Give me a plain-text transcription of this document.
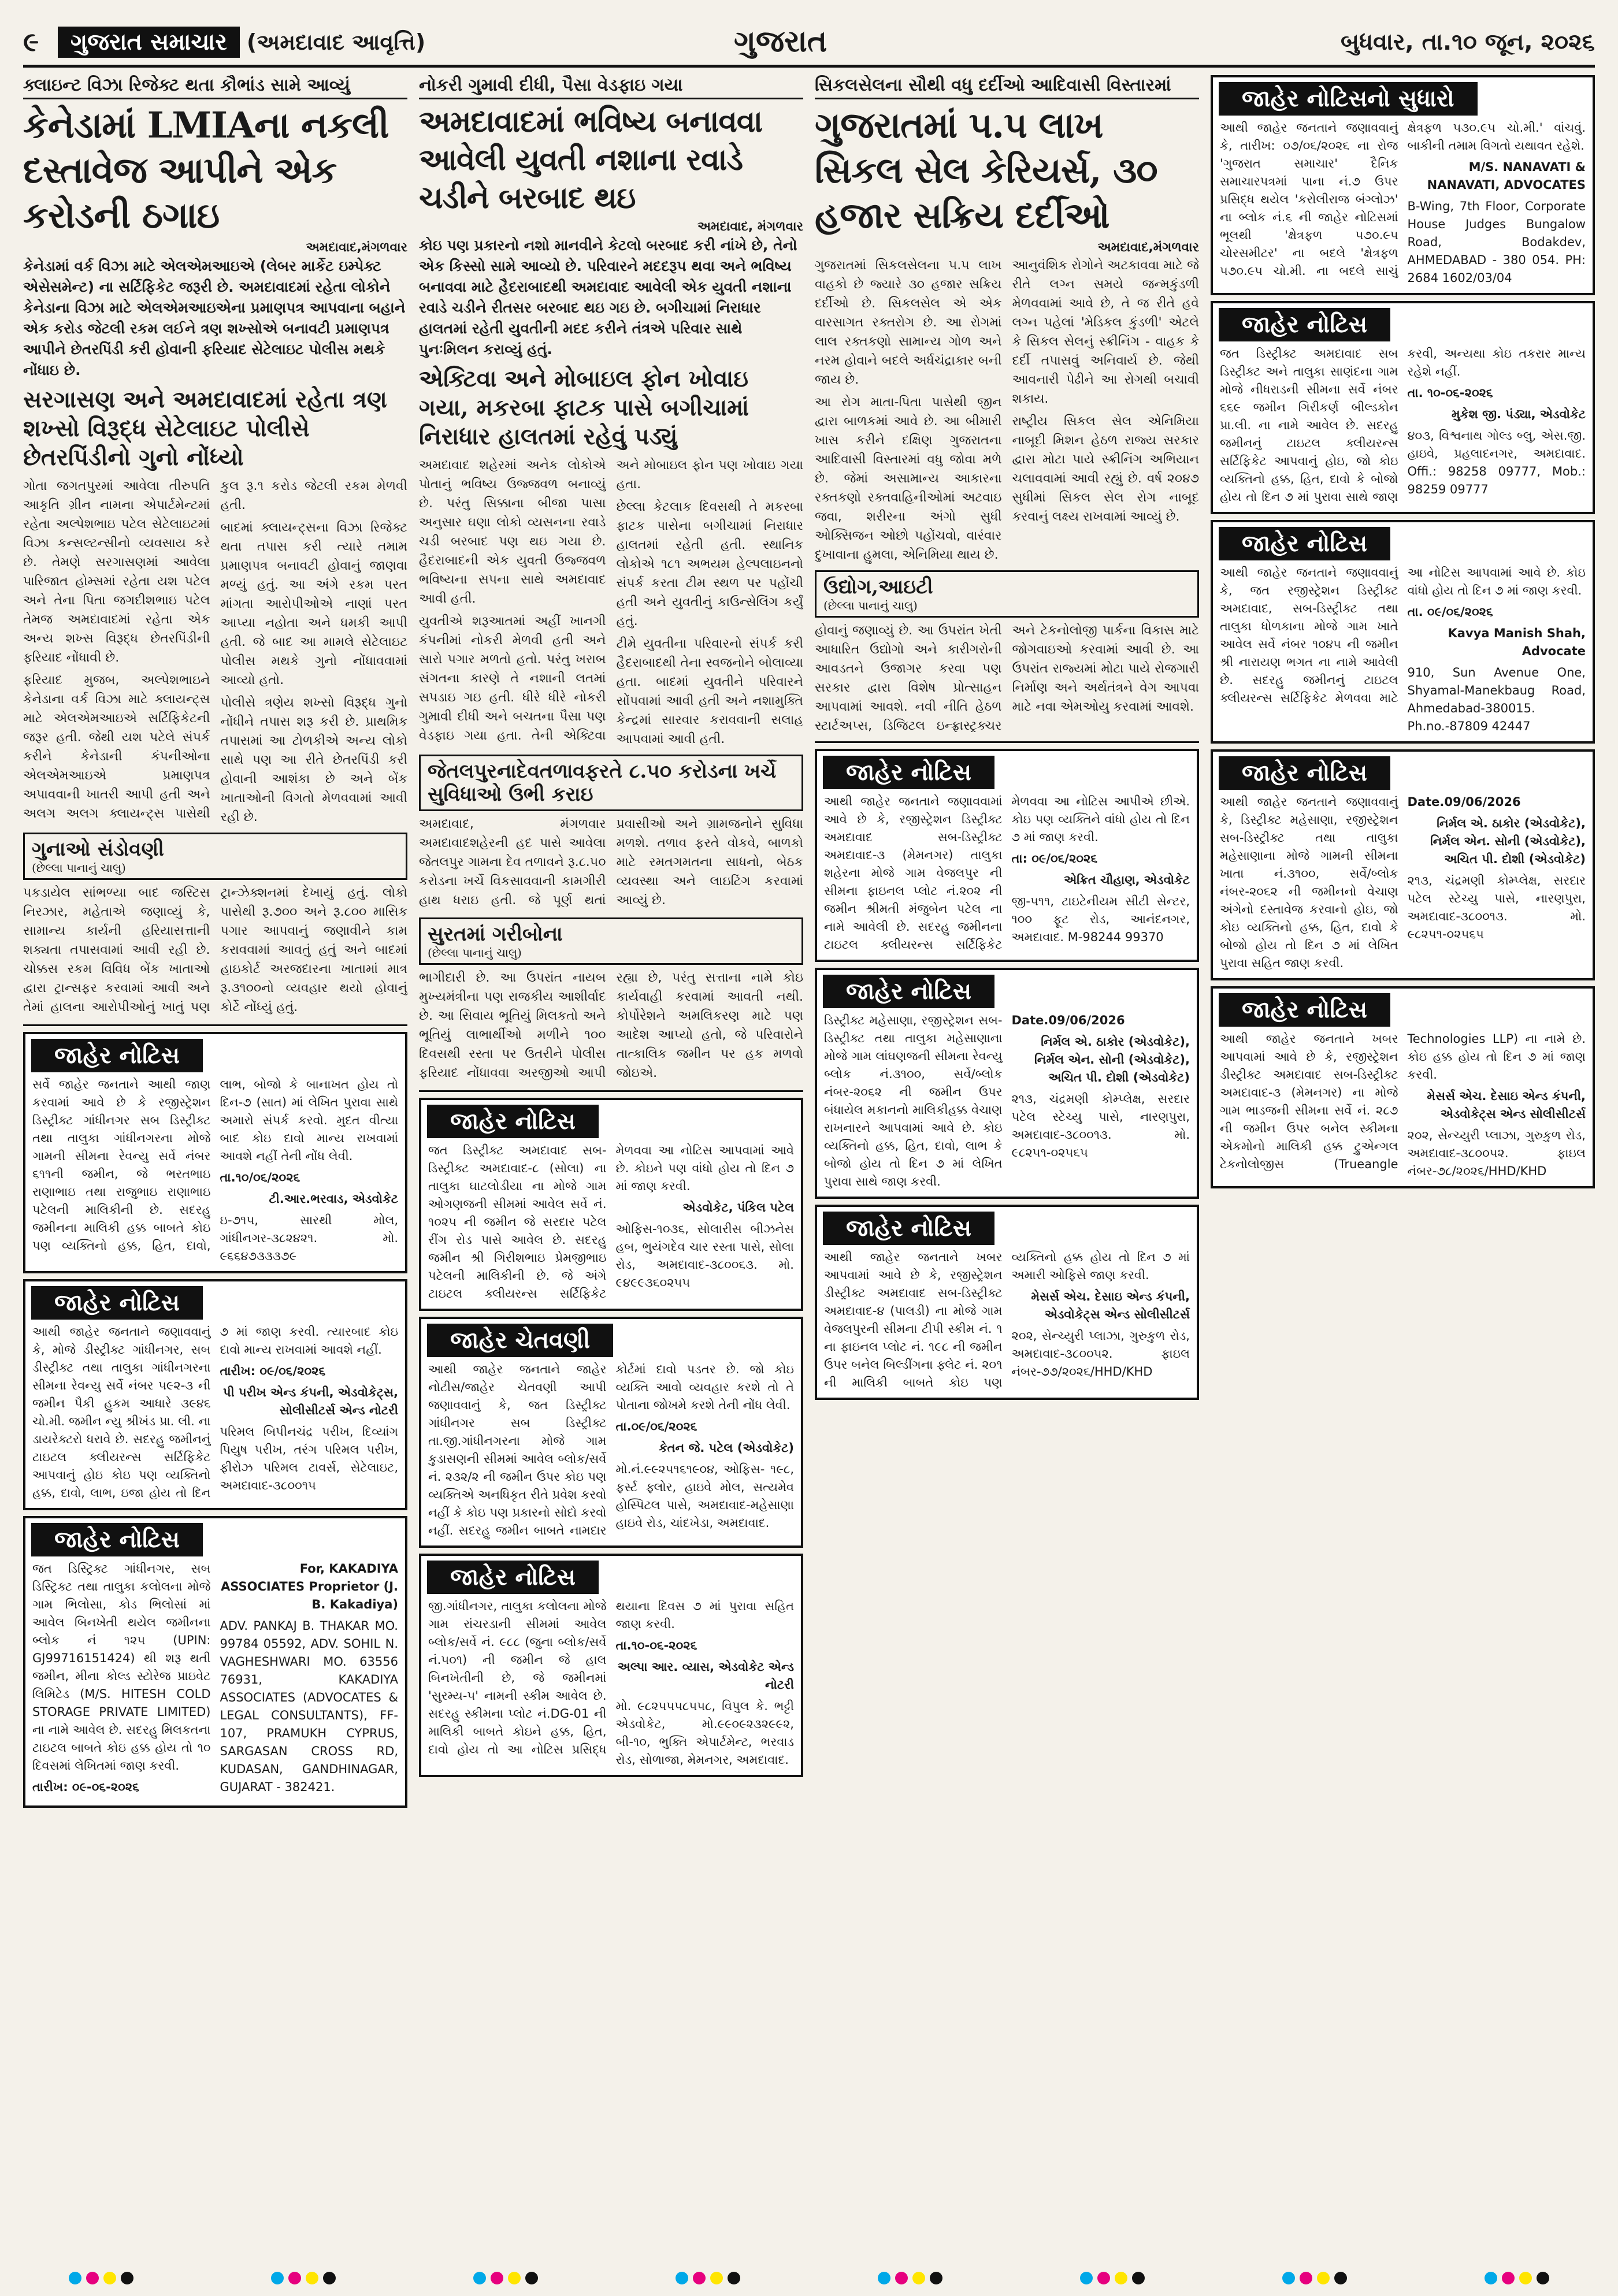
૯	ગુજરાત સમાચાર (અમદાવાદ આવૃત્તિ)	ગુજરાત	બુધવાર, તા.૧૦ જૂન, ૨૦૨૬
ક્લાઇન્ટ વિઝા રિજેક્ટ થતા કૌભાંડ સામે આવ્યું
કેનેડામાં LMIAના નકલી દસ્તાવેજ આપીને એક કરોડની ઠગાઇ
અમદાવાદ,મંગળવાર
કેનેડામાં વર્ક વિઝા માટે એલએમઆઇએ (લેબર માર્કેટ ઇમ્પેક્ટ એસેસમેન્ટ) ના સર્ટિફિકેટ જરૂરી છે. અમદાવાદમાં રહેતા લોકોને કેનેડાના વિઝા માટે એલએમઆઇએના પ્રમાણપત્ર આપવાના બહાને એક કરોડ જેટલી રકમ લઈને ત્રણ શખ્સોએ બનાવટી પ્રમાણપત્ર આપીને છેતરપિંડી કરી હોવાની ફરિયાદ સેટેલાઇટ પોલીસ મથકે નોંધાઇ છે.
સરગાસણ અને અમદાવાદમાં રહેતા ત્રણ શખ્સો વિરૂદ્ધ સેટેલાઇટ પોલીસે છેતરપિંડીનો ગુનો નોંધ્યો

ગોતા જગતપુરમાં આવેલા તીરુપતિ આકૃતિ ગ્રીન નામના એપાર્ટમેન્ટમાં રહેતા અલ્પેશભાઇ પટેલ સેટેલાઇટમાં વિઝા કન્સલ્ટન્સીનો વ્યવસાય કરે છે. તેમણે સરગાસણમાં આવેલા પારિજાત હોમ્સમાં રહેતા યશ પટેલ અને તેના પિતા જગદીશભાઇ પટેલ તેમજ અમદાવાદમાં રહેતા એક અન્ય શખ્સ વિરૂદ્ધ છેતરપિંડીની ફરિયાદ નોંધાવી છે.

ફરિયાદ મુજબ, અલ્પેશભાઇને કેનેડાના વર્ક વિઝા માટે ક્લાયન્ટ્સ માટે એલએમઆઇએ સર્ટિફિકેટની જરૂર હતી. જેથી યશ પટેલે સંપર્ક કરીને કેનેડાની કંપનીઓના એલએમઆઇએ પ્રમાણપત્ર અપાવવાની ખાતરી આપી હતી અને અલગ અલગ ક્લાયન્ટ્સ પાસેથી કુલ રૂ.૧ કરોડ જેટલી રકમ મેળવી હતી.

બાદમાં ક્લાયન્ટ્સના વિઝા રિજેક્ટ થતા તપાસ કરી ત્યારે તમામ પ્રમાણપત્ર બનાવટી હોવાનું જાણવા મળ્યું હતું. આ અંગે રકમ પરત માંગતા આરોપીઓએ નાણાં પરત આપ્યા નહોતા અને ધમકી આપી હતી. જે બાદ આ મામલે સેટેલાઇટ પોલીસ મથકે ગુનો નોંધાવવામાં આવ્યો હતો.

પોલીસે ત્રણેય શખ્સો વિરૂદ્ધ ગુનો નોંધીને તપાસ શરૂ કરી છે. પ્રાથમિક તપાસમાં આ ટોળકીએ અન્ય લોકો સાથે પણ આ રીતે છેતરપિંડી કરી હોવાની આશંકા છે અને બેંક ખાતાઓની વિગતો મેળવવામાં આવી રહી છે.

ગુનાઓ સંડોવણી
(છેલ્લા પાનાનું ચાલુ)

પકડાયેલ સાંભળ્યા બાદ જસ્ટિસ નિરઝાર, મહેતાએ જણાવ્યું કે, સામાન્ય કાર્યની હરિયાસત્તાની શક્યતા તપાસવામાં આવી રહી છે. ચોક્કસ રકમ વિવિધ બેંક ખાતાઓ દ્વારા ટ્રાન્સફર કરવામાં આવી અને તેમાં હાલના આરોપીઓનું ખાતું પણ ટ્રાન્ઝેક્શનમાં દેખાયું હતું. લોકો પાસેથી રૂ.૭૦૦ અને રૂ.૮૦૦ માસિક પગાર આપવાનું જણાવીને કામ કરાવવામાં આવતું હતું અને બાદમાં હાઇકોર્ટ અરજદારના ખાતામાં માત્ર રૂ.૩૧૦૦નો વ્યવહાર થયો હોવાનું કોર્ટે નોંધ્યું હતું.

જાહેર નોટિસ

સર્વે જાહેર જનતાને આથી જાણ કરવામાં આવે છે કે રજીસ્ટ્રેશન ડિસ્ટ્રીક્ટ ગાંધીનગર સબ ડિસ્ટ્રીક્ટ તથા તાલુકા ગાંધીનગરના મોજે ગામની સીમના રેવન્યુ સર્વે નંબર ૬૧૧ની જમીન, જે ભરતભાઇ રાણાભાઇ તથા રાજુભાઇ રાણાભાઇ પટેલની માલિકીની છે. સદરહુ જમીનના માલિકી હક્ક બાબતે કોઇ પણ વ્યક્તિનો હક્ક, હિત, દાવો, લાભ, બોજો કે બાનાખત હોય તો દિન-૭ (સાત) માં લેખિત પુરાવા સાથે અમારો સંપર્ક કરવો. મુદત વીત્યા બાદ કોઇ દાવો માન્ય રાખવામાં આવશે નહીં તેની નોંધ લેવી.

તા.૧૦/૦૬/૨૦૨૬

ટી.આર.ભરવાડ, એડવોકેટ

ઇ-૭૧૫, સારથી મોલ, ગાંધીનગર-૩૮૨૪૨૧. મો. ૯૬૬૪૭૩૩૩૭૯

જાહેર નોટિસ

આથી જાહેર જનતાને જણાવવાનું કે, મોજે ડીસ્ટ્રીક્ટ ગાંધીનગર, સબ ડીસ્ટ્રીક્ટ તથા તાલુકા ગાંધીનગરના સીમના રેવન્યુ સર્વે નંબર ૫૯૨-૩ ની જમીન પૈકી હુકમ આધારે ૩૯૪૬ ચો.મી. જમીન ન્યુ શ્રીખંડ પ્રા. લી. ના ડાયરેક્ટરો ધરાવે છે. સદરહુ જમીનનું ટાઇટલ ક્લીયરન્સ સર્ટિફિકેટ આપવાનું હોઇ કોઇ પણ વ્યક્તિનો હક્ક, દાવો, લાભ, ઇજા હોય તો દિન ૭ માં જાણ કરવી. ત્યારબાદ કોઇ દાવો માન્ય રાખવામાં આવશે નહીં.

તારીખ: ૦૯/૦૬/૨૦૨૬

પી પરીખ એન્ડ કંપની, એડવોકેટ્સ, સોલીસીટર્સ એન્ડ નોટરી

પરિમલ બિપીનચંદ્ર પરીખ, દિવ્યાંગ પિયુષ પરીખ, તરંગ પરિમલ પરીખ, ફીરોઝ પરિમલ ટાવર્સ, સેટેલાઇટ, અમદાવાદ-૩૮૦૦૧૫

જાહેર નોટિસ

જત ડિસ્ટ્રિક્ટ ગાંધીનગર, સબ ડિસ્ટ્રિક્ટ તથા તાલુકા કલોલના મોજે ગામ ભિલોસા, કોડ ભિલોસાં માં આવેલ બિનખેતી થયેલ જમીનના બ્લોક નં ૧૨૫ (UPIN: GJ99716151424) થી શરૂ થતી જમીન, મીના કોલ્ડ સ્ટોરેજ પ્રાઇવેટ લિમિટેડ (M/S. HITESH COLD STORAGE PRIVATE LIMITED) ના નામે આવેલ છે. સદરહુ મિલકતના ટાઇટલ બાબતે કોઇ હક્ક હોય તો ૧૦ દિવસમાં લેખિતમાં જાણ કરવી.

તારીખ: ૦૯-૦૬-૨૦૨૬

For, KAKADIYA ASSOCIATES Proprietor (J. B. Kakadiya)

ADV. PANKAJ B. THAKAR MO. 99784 05592, ADV. SOHIL N. VAGHESHWARI MO. 63556 76931, KAKADIYA ASSOCIATES (ADVOCATES & LEGAL CONSULTANTS), FF-107, PRAMUKH CYPRUS, SARGASAN CROSS RD, KUDASAN, GANDHINAGAR, GUJARAT - 382421.

નોકરી ગુમાવી દીધી, પૈસા વેડફાઇ ગયા
અમદાવાદમાં ભવિષ્ય બનાવવા આવેલી યુવતી નશાના રવાડે ચડીને બરબાદ થઇ
અમદાવાદ, મંગળવાર
કોઇ પણ પ્રકારનો નશો માનવીને કેટલો બરબાદ કરી નાંખે છે, તેનો એક કિસ્સો સામે આવ્યો છે. પરિવારને મદદરૂપ થવા અને ભવિષ્ય બનાવવા માટે હૈદરાબાદથી અમદાવાદ આવેલી એક યુવતી નશાના રવાડે ચડીને રીતસર બરબાદ થઇ ગઇ છે. બગીચામાં નિરાધાર હાલતમાં રહેતી યુવતીની મદદ કરીને તંત્રએ પરિવાર સાથે પુનઃમિલન કરાવ્યું હતું.
એક્ટિવા અને મોબાઇલ ફોન ખોવાઇ ગયા, મકરબા ફાટક પાસે બગીચામાં નિરાધાર હાલતમાં રહેવું પડ્યું

અમદાવાદ શહેરમાં અનેક લોકોએ પોતાનું ભવિષ્ય ઉજ્જવળ બનાવ્યું છે. પરંતુ સિક્કાના બીજા પાસા અનુસાર ઘણા લોકો વ્યસનના રવાડે ચડી બરબાદ પણ થઇ ગયા છે. હૈદરાબાદની એક યુવતી ઉજ્જવળ ભવિષ્યના સપના સાથે અમદાવાદ આવી હતી.

યુવતીએ શરૂઆતમાં અહીં ખાનગી કંપનીમાં નોકરી મેળવી હતી અને સારો પગાર મળતો હતો. પરંતુ ખરાબ સંગતના કારણે તે નશાની લતમાં સપડાઇ ગઇ હતી. ધીરે ધીરે નોકરી ગુમાવી દીધી અને બચતના પૈસા પણ વેડફાઇ ગયા હતા. તેની એક્ટિવા અને મોબાઇલ ફોન પણ ખોવાઇ ગયા હતા.

છેલ્લા કેટલાક દિવસથી તે મકરબા ફાટક પાસેના બગીચામાં નિરાધાર હાલતમાં રહેતી હતી. સ્થાનિક લોકોએ ૧૮૧ અભયમ હેલ્પલાઇનનો સંપર્ક કરતા ટીમ સ્થળ પર પહોંચી હતી અને યુવતીનું કાઉન્સેલિંગ કર્યું હતું.

ટીમે યુવતીના પરિવારનો સંપર્ક કરી હૈદરાબાદથી તેના સ્વજનોને બોલાવ્યા હતા. બાદમાં યુવતીને પરિવારને સોંપવામાં આવી હતી અને નશામુક્તિ કેન્દ્રમાં સારવાર કરાવવાની સલાહ આપવામાં આવી હતી.

જેતલપુરનાદેવતળાવફરતે ૮.૫૦ કરોડના ખર્ચે સુવિધાઓ ઉભી કરાઇ

અમદાવાદ, મંગળવાર અમદાવાદશહેરની હદ પાસે આવેલા જેતલપુર ગામના દેવ તળાવને રૂ.૮.૫૦ કરોડના ખર્ચે વિકસાવવાની કામગીરી હાથ ધરાઇ હતી. જે પૂર્ણ થતાં પ્રવાસીઓ અને ગ્રામજનોને સુવિધા મળશે. તળાવ ફરતે વોકવે, બાળકો માટે રમતગમતના સાધનો, બેઠક વ્યવસ્થા અને લાઇટિંગ કરવામાં આવ્યું છે.

સુરતમાં ગરીબોના
(છેલ્લા પાનાનું ચાલુ)

ભાગીદારી છે. આ ઉપરાંત નાયબ મુખ્યમંત્રીના પણ રાજકીય આશીર્વાદ છે. આ સિવાય ભૂતિયું મિલકતો અને ભૂતિયું લાભાર્થીઓ મળીને ૧૦૦ દિવસથી રસ્તા પર ઉતરીને પોલીસ ફરિયાદ નોંધાવવા અરજીઓ આપી રહ્યા છે, પરંતુ સત્તાના નામે કોઇ કાર્યવાહી કરવામાં આવતી નથી. કોર્પોરેશને અમલિકરણ માટે પણ આદેશ આપ્યો હતો, જે પરિવારોને તાત્કાલિક જમીન પર હક મળવો જોઇએ.

જાહેર નોટિસ

જત ડિસ્ટ્રીક્ટ અમદાવાદ સબ-ડિસ્ટ્રીક્ટ અમદાવાદ-૮ (સોલા) ના તાલુકા ઘાટલોડીયા ના મોજે ગામ ઓગણજની સીમમાં આવેલ સર્વે નં. ૧૦૨૫ ની જમીન જે સરદાર પટેલ રીંગ રોડ પાસે આવેલ છે. સદરહુ જમીન શ્રી ગિરીશભાઇ પ્રેમજીભાઇ પટેલની માલિકીની છે. જે અંગે ટાઇટલ ક્લીયરન્સ સર્ટિફિકેટ મેળવવા આ નોટિસ આપવામાં આવે છે. કોઇને પણ વાંધો હોય તો દિન ૭ માં જાણ કરવી.

એડવોકેટ, પંકિલ પટેલ

ઓફિસ-૧૦૩૬, સોલારીસ બીઝનેસ હબ, ભુયંગદેવ ચાર રસ્તા પાસે, સોલા રોડ, અમદાવાદ-૩૮૦૦૬૩. મો. ૯૪૯૯૩૬૦૨૫૫

જાહેર ચેતવણી

આથી જાહેર જનતાને જાહેર નોટીસ/જાહેર ચેતવણી આપી જણાવવાનું કે, જત ડિસ્ટ્રીક્ટ ગાંધીનગર સબ ડિસ્ટ્રીક્ટ તા.જી.ગાંધીનગરના મોજે ગામ કુડાસણની સીમમાં આવેલ બ્લોક/સર્વે નં. ૨૩૨/૨ ની જમીન ઉપર કોઇ પણ વ્યક્તિએ અનધિકૃત રીતે પ્રવેશ કરવો નહીં કે કોઇ પણ પ્રકારનો સોદો કરવો નહીં. સદરહુ જમીન બાબતે નામદાર કોર્ટમાં દાવો પડતર છે. જો કોઇ વ્યક્તિ આવો વ્યવહાર કરશે તો તે પોતાના જોખમે કરશે તેની નોંધ લેવી.

તા.૦૯/૦૬/૨૦૨૬

કેતન જે. પટેલ (એડવોકેટ)

મો.નં.૯૯૨૫૧૬૧૯૦૪, ઓફિસ- ૧૯૮, ફર્સ્ટ ફ્લોર, હાઇવે મોલ, સત્યમેવ હોસ્પિટલ પાસે, અમદાવાદ-મહેસાણા હાઇવે રોડ, ચાંદખેડા, અમદાવાદ.

જાહેર નોટિસ

જી.ગાંધીનગર, તાલુકા કલોલના મોજે ગામ રાંચરડાની સીમમાં આવેલ બ્લોક/સર્વે નં. ૯૮૮ (જુના બ્લોક/સર્વે નં.૫૦૧) ની જમીન જે હાલ બિનખેતીની છે, જે જમીનમાં 'સુરમ્ય-૫' નામની સ્કીમ આવેલ છે. સદરહુ સ્કીમના પ્લોટ નં.DG-01 ની માલિકી બાબતે કોઇને હક્ક, હિત, દાવો હોય તો આ નોટિસ પ્રસિદ્ધ થયાના દિવસ ૭ માં પુરાવા સહિત જાણ કરવી.

તા.૧૦-૦૬-૨૦૨૬

અલ્પા આર. વ્યાસ, એડવોકેટ એન્ડ નોટરી

મો. ૯૮૨૫૫૫૮૫૫૮, વિપુલ કે. ભટ્ટી એડવોકેટ, મો.૯૯૦૯૨૩૨૯૯૨, બી-૧૦, ભુક્તિ એપાર્ટમેન્ટ, ભરવાડ રોડ, સોળાજા, મેમનગર, અમદાવાદ.

સિકલસેલના સૌથી વધુ દર્દીઓ આદિવાસી વિસ્તારમાં
ગુજરાતમાં ૫.૫ લાખ સિકલ સેલ કેરિયર્સ, ૩૦ હજાર સક્રિય દર્દીઓ
અમદાવાદ,મંગળવાર

ગુજરાતમાં સિકલસેલના ૫.૫ લાખ વાહકો છે જ્યારે ૩૦ હજાર સક્રિય દર્દીઓ છે. સિકલસેલ એ એક વારસાગત રક્તરોગ છે. આ રોગમાં લાલ રક્તકણો સામાન્ય ગોળ અને નરમ હોવાને બદલે અર્ધચંદ્રાકાર બની જાય છે.

આ રોગ માતા-પિતા પાસેથી જીન દ્વારા બાળકમાં આવે છે. આ બીમારી ખાસ કરીને દક્ષિણ ગુજરાતના આદિવાસી વિસ્તારમાં વધુ જોવા મળે છે. જેમાં અસામાન્ય આકારના રક્તકણો રક્તવાહિનીઓમાં અટવાઇ જવા, શરીરના અંગો સુધી ઓક્સિજન ઓછો પહોંચવો, વારંવાર દુખાવાના હુમલા, એનિમિયા થાય છે.

આનુવંશિક રોગોને અટકાવવા માટે જે રીતે લગ્ન સમયે જન્મકુંડળી મેળવવામાં આવે છે, તે જ રીતે હવે લગ્ન પહેલાં 'મેડિકલ કુંડળી' એટલે કે સિકલ સેલનું સ્ક્રીનિંગ - વાહક કે દર્દી તપાસવું અનિવાર્ય છે. જેથી આવનારી પેઢીને આ રોગથી બચાવી શકાય.

રાષ્ટ્રીય સિકલ સેલ એનિમિયા નાબૂદી મિશન હેઠળ રાજ્ય સરકાર દ્વારા મોટા પાયે સ્ક્રીનિંગ અભિયાન ચલાવવામાં આવી રહ્યું છે. વર્ષ ૨૦૪૭ સુધીમાં સિકલ સેલ રોગ નાબૂદ કરવાનું લક્ષ્ય રાખવામાં આવ્યું છે.

ઉદ્યોગ,આઇટી
(છેલ્લા પાનાનું ચાલુ)

હોવાનું જણાવ્યું છે. આ ઉપરાંત ખેતી આધારિત ઉદ્યોગો અને કારીગરોની આવડતને ઉજાગર કરવા પણ સરકાર દ્વારા વિશેષ પ્રોત્સાહન આપવામાં આવશે. નવી નીતિ હેઠળ સ્ટાર્ટઅપ્સ, ડિજિટલ ઇન્ફ્રાસ્ટ્રક્ચર અને ટેકનોલોજી પાર્કના વિકાસ માટે જોગવાઇઓ કરવામાં આવી છે. આ ઉપરાંત રાજ્યમાં મોટા પાયે રોજગારી નિર્માણ અને અર્થતંત્રને વેગ આપવા માટે નવા એમઓયુ કરવામાં આવશે.

જાહેર નોટિસ

આથી જાહેર જનતાને જણાવવામાં આવે છે કે, રજીસ્ટ્રેશન ડિસ્ટ્રીક્ટ અમદાવાદ સબ-ડિસ્ટ્રીક્ટ અમદાવાદ-૩ (મેમનગર) તાલુકા શહેરના મોજે ગામ વેજલપુર ની સીમના ફાઇનલ પ્લોટ નં.૨૦૨ ની જમીન શ્રીમતી મંજુબેન પટેલ ના નામે આવેલી છે. સદરહુ જમીનના ટાઇટલ ક્લીયરન્સ સર્ટિફિકેટ મેળવવા આ નોટિસ આપીએ છીએ. કોઇ પણ વ્યક્તિને વાંધો હોય તો દિન ૭ માં જાણ કરવી.

તા: ૦૯/૦૬/૨૦૨૬

એક્રિત ચૌહાણ, એડવોકેટ

જી-૫૧૧, ટાઇટેનીયમ સીટી સેન્ટર, ૧૦૦ ફૂટ રોડ, આનંદનગર, અમદાવાદ. M-98244 99370

જાહેર નોટિસ

ડિસ્ટ્રીક્ટ મહેસાણા, રજીસ્ટ્રેશન સબ-ડિસ્ટ્રીક્ટ તથા તાલુકા મહેસાણાના મોજે ગામ લાંઘણજની સીમના રેવન્યુ બ્લોક નં.૩૧૦૦, સર્વે/બ્લોક નંબર-૨૦૬૨ ની જમીન ઉપર બંધાયેલ મકાનનો માલિકીહક્ક વેચાણ રાખનારને આપવામાં આવે છે. કોઇ વ્યક્તિનો હક્ક, હિત, દાવો, લાભ કે બોજો હોય તો દિન ૭ માં લેખિત પુરાવા સાથે જાણ કરવી.

Date.09/06/2026

નિર્મલ એ. ઠાકોર (એડવોકેટ), નિર્મલ એન. સોની (એડવોકેટ), અચિત પી. દોશી (એડવોકેટ)

૨૧૩, ચંદ્રમણી કોમ્પ્લેક્ષ, સરદાર પટેલ સ્ટેચ્યુ પાસે, નારણપુરા, અમદાવાદ-૩૮૦૦૧૩. મો. ૯૮૨૫૧-૦૨૫૬૫

જાહેર નોટિસ

આથી જાહેર જનતાને ખબર આપવામાં આવે છે કે, રજીસ્ટ્રેશન ડીસ્ટ્રીક્ટ અમદાવાદ સબ-ડિસ્ટ્રીક્ટ અમદાવાદ-૪ (પાલડી) ના મોજે ગામ વેજલપુરની સીમના ટીપી સ્કીમ નં. ૧ ના ફાઇનલ પ્લોટ નં. ૧૯૮ ની જમીન ઉપર બનેલ બિલ્ડીંગના ફ્લેટ નં. ૨૦૧ ની માલિકી બાબતે કોઇ પણ વ્યક્તિનો હક્ક હોય તો દિન ૭ માં અમારી ઓફિસે જાણ કરવી.

મેસર્સ એચ. દેસાઇ એન્ડ કંપની, એડવોકેટ્સ એન્ડ સોલીસીટર્સ

૨૦૨, સેન્ચ્યુરી પ્લાઝા, ગુરુકુળ રોડ, અમદાવાદ-૩૮૦૦૫૨. ફાઇલ નંબર-૭૭/૨૦૨૬/HHD/KHD

જાહેર નોટિસનો સુધારો

આથી જાહેર જનતાને જણાવવાનું કે, તારીખ: ૦૭/૦૬/૨૦૨૬ ના રોજ 'ગુજરાત સમાચાર' દૈનિક સમાચારપત્રમાં પાના નં.૭ ઉપર પ્રસિદ્ધ થયેલ 'કરોલીરાજ બંગ્લોઝ' ના બ્લોક નં.૬ ની જાહેર નોટિસમાં ભૂલથી 'ક્ષેત્રફળ ૫૭૦.૯૫ ચોરસમીટર' ના બદલે 'ક્ષેત્રફળ ૫૭૦.૯૫ ચો.મી. ના બદલે સાચું ક્ષેત્રફળ ૫૩૦.૯૫ ચો.મી.' વાંચવું. બાકીની તમામ વિગતો યથાવત રહેશે.

M/S. NANAVATI & NANAVATI, ADVOCATES

B-Wing, 7th Floor, Corporate House Judges Bungalow Road, Bodakdev, AHMEDABAD - 380 054. PH: 2684 1602/03/04

જાહેર નોટિસ

જત ડિસ્ટ્રીક્ટ અમદાવાદ સબ ડિસ્ટ્રીક્ટ અને તાલુકા સાણંદના ગામ મોજે નીધરાડની સીમના સર્વે નંબર ૬૬૯ જમીન ગિરીકર્ણ બીલ્ડકોન પ્રા.લી. ના નામે આવેલ છે. સદરહુ જમીનનું ટાઇટલ ક્લીયરન્સ સર્ટિફિકેટ આપવાનું હોઇ, જો કોઇ વ્યક્તિનો હક્ક, હિત, દાવો કે બોજો હોય તો દિન ૭ માં પુરાવા સાથે જાણ કરવી, અન્યથા કોઇ તકરાર માન્ય રહેશે નહીં.

તા. ૧૦-૦૬-૨૦૨૬

મુકેશ જી. પંડ્યા, એડવોકેટ

૪૦૩, વિશ્વનાથ ગોલ્ડ બ્લુ, એસ.જી. હાઇવે, પ્રહલાદનગર, અમદાવાદ. Offi.: 98258 09777, Mob.: 98259 09777

જાહેર નોટિસ

આથી જાહેર જનતાને જણાવવાનું કે, જત રજીસ્ટ્રેશન ડિસ્ટ્રીક્ટ અમદાવાદ, સબ-ડિસ્ટ્રીક્ટ તથા તાલુકા ધોળકાના મોજે ગામ ખાતે આવેલ સર્વે નંબર ૧૦૪૫ ની જમીન શ્રી નારાયણ ભગત ના નામે આવેલી છે. સદરહુ જમીનનું ટાઇટલ ક્લીયરન્સ સર્ટિફિકેટ મેળવવા માટે આ નોટિસ આપવામાં આવે છે. કોઇ વાંધો હોય તો દિન ૭ માં જાણ કરવી.

તા. ૦૯/૦૬/૨૦૨૬

Kavya Manish Shah, Advocate

910, Sun Avenue One, Shyamal-Manekbaug Road, Ahmedabad-380015. Ph.no.-87809 42447

જાહેર નોટિસ

આથી જાહેર જનતાને જણાવવાનું કે, ડિસ્ટ્રીક્ટ મહેસાણા, રજીસ્ટ્રેશન સબ-ડિસ્ટ્રીક્ટ તથા તાલુકા મહેસાણાના મોજે ગામની સીમના ખાતા નં.૩૧૦૦, સર્વે/બ્લોક નંબર-૨૦૬૨ ની જમીનનો વેચાણ અંગેનો દસ્તાવેજ કરવાનો હોઇ, જો કોઇ વ્યક્તિનો હક્ક, હિત, દાવો કે બોજો હોય તો દિન ૭ માં લેખિત પુરાવા સહિત જાણ કરવી.

Date.09/06/2026

નિર્મલ એ. ઠાકોર (એડવોકેટ), નિર્મલ એન. સોની (એડવોકેટ), અચિત પી. દોશી (એડવોકેટ)

૨૧૩, ચંદ્રમણી કોમ્પ્લેક્ષ, સરદાર પટેલ સ્ટેચ્યુ પાસે, નારણપુરા, અમદાવાદ-૩૮૦૦૧૩. મો. ૯૮૨૫૧-૦૨૫૬૫

જાહેર નોટિસ

આથી જાહેર જનતાને ખબર આપવામાં આવે છે કે, રજીસ્ટ્રેશન ડીસ્ટ્રીક્ટ અમદાવાદ સબ-ડિસ્ટ્રીક્ટ અમદાવાદ-૩ (મેમનગર) ના મોજે ગામ ભાડજની સીમના સર્વે નં. ૨૮૭ ની જમીન ઉપર બનેલ સ્કીમના એકમોનો માલિકી હક્ક ટ્રુએન્ગલ ટેકનોલોજીસ (Trueangle Technologies LLP) ના નામે છે. કોઇ હક્ક હોય તો દિન ૭ માં જાણ કરવી.

મેસર્સ એચ. દેસાઇ એન્ડ કંપની, એડવોકેટ્સ એન્ડ સોલીસીટર્સ

૨૦૨, સેન્ચ્યુરી પ્લાઝા, ગુરુકુળ રોડ, અમદાવાદ-૩૮૦૦૫૨. ફાઇલ નંબર-૭૮/૨૦૨૬/HHD/KHD
